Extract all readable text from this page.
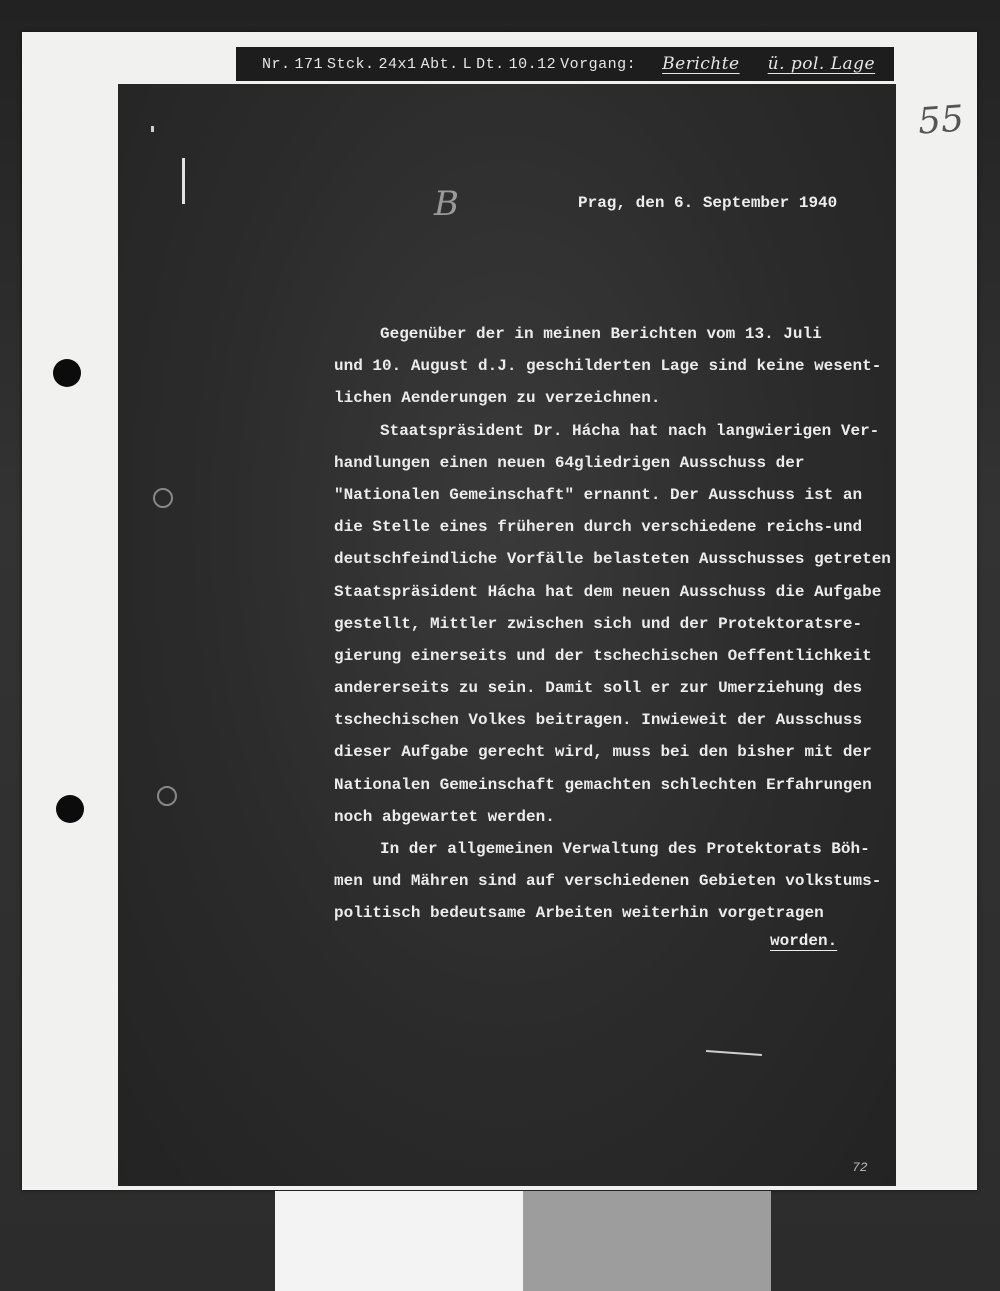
Nr. 171 Stck. 24x1 Abt. L Dt. 10.12 Vorgang: Berichte ü. pol. Lage
55
B	Prag, den 6. September 1940
Gegenüber der in meinen Berichten vom 13. Juli
und 10. August d.J. geschilderten Lage sind keine wesent-
lichen Aenderungen zu verzeichnen.
Staatspräsident Dr. Hácha hat nach langwierigen Ver-
handlungen einen neuen 64gliedrigen Ausschuss der
"Nationalen Gemeinschaft" ernannt. Der Ausschuss ist an
die Stelle eines früheren durch verschiedene reichs-und
deutschfeindliche Vorfälle belasteten Ausschusses getreten
Staatspräsident Hácha hat dem neuen Ausschuss die Aufgabe
gestellt, Mittler zwischen sich und der Protektoratsre-
gierung einerseits und der tschechischen Oeffentlichkeit
andererseits zu sein. Damit soll er zur Umerziehung des
tschechischen Volkes beitragen. Inwieweit der Ausschuss
dieser Aufgabe gerecht wird, muss bei den bisher mit der
Nationalen Gemeinschaft gemachten schlechten Erfahrungen
noch abgewartet werden.
In der allgemeinen Verwaltung des Protektorats Böh-
men und Mähren sind auf verschiedenen Gebieten volkstums-
politisch bedeutsame Arbeiten weiterhin vorgetragen
worden.
72
